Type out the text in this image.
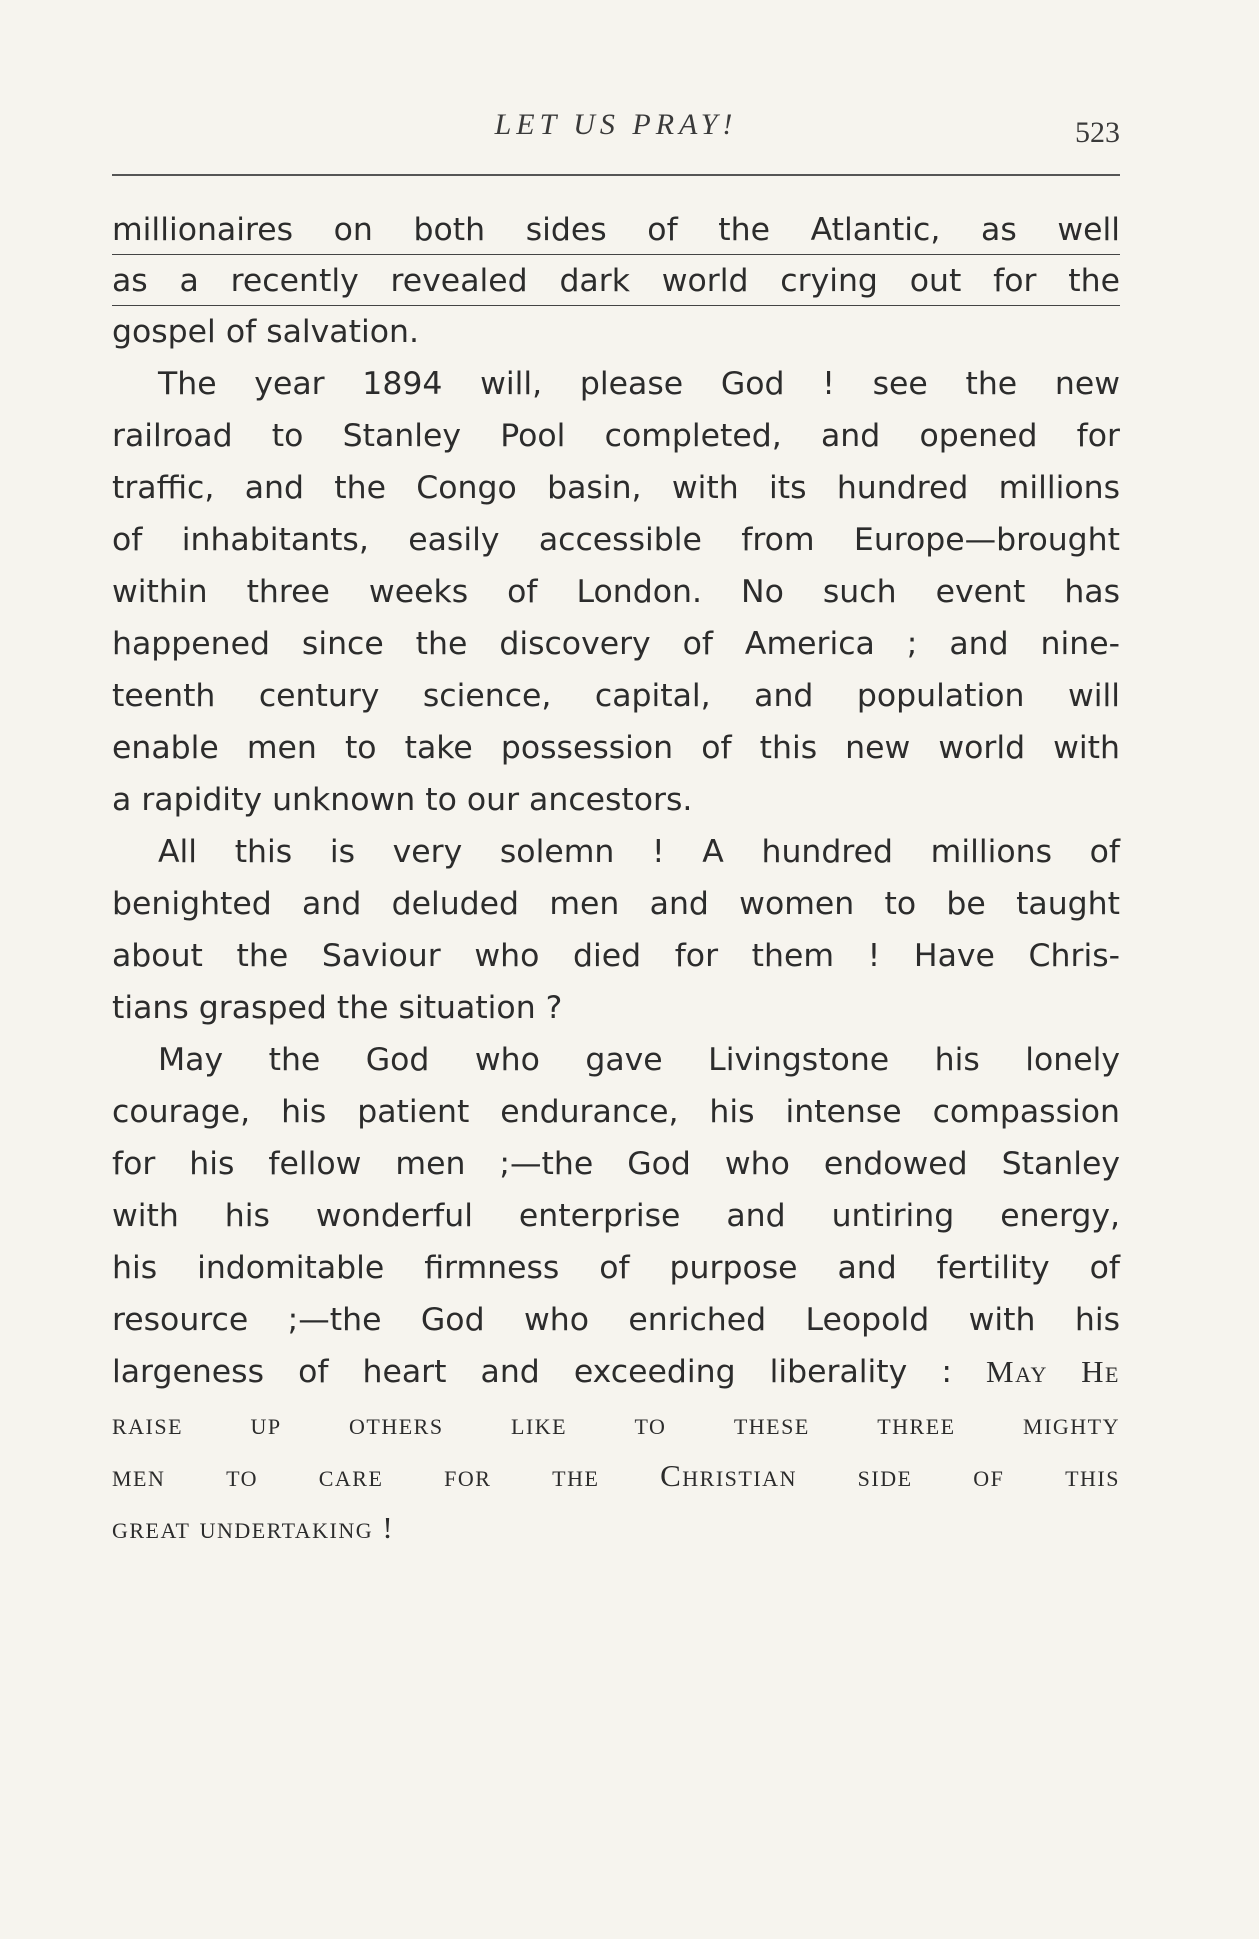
LET US PRAY!	523
millionaires on both sides of the Atlantic, as well
as a recently revealed dark world crying out for the
gospel of salvation.
The year 1894 will, please God ! see the new
railroad to Stanley Pool completed, and opened for
traffic, and the Congo basin, with its hundred millions
of inhabitants, easily accessible from Europe—brought
within three weeks of London. No such event has
happened since the discovery of America ; and nine-
teenth century science, capital, and population will
enable men to take possession of this new world with
a rapidity unknown to our ancestors.
All this is very solemn ! A hundred millions of
benighted and deluded men and women to be taught
about the Saviour who died for them ! Have Chris-
tians grasped the situation ?
May the God who gave Livingstone his lonely
courage, his patient endurance, his intense compassion
for his fellow men ;—the God who endowed Stanley
with his wonderful enterprise and untiring energy,
his indomitable firmness of purpose and fertility of
resource ;—the God who enriched Leopold with his
largeness of heart and exceeding liberality : May He
raise up others like to these three mighty
men to care for the Christian side of this
great undertaking !
